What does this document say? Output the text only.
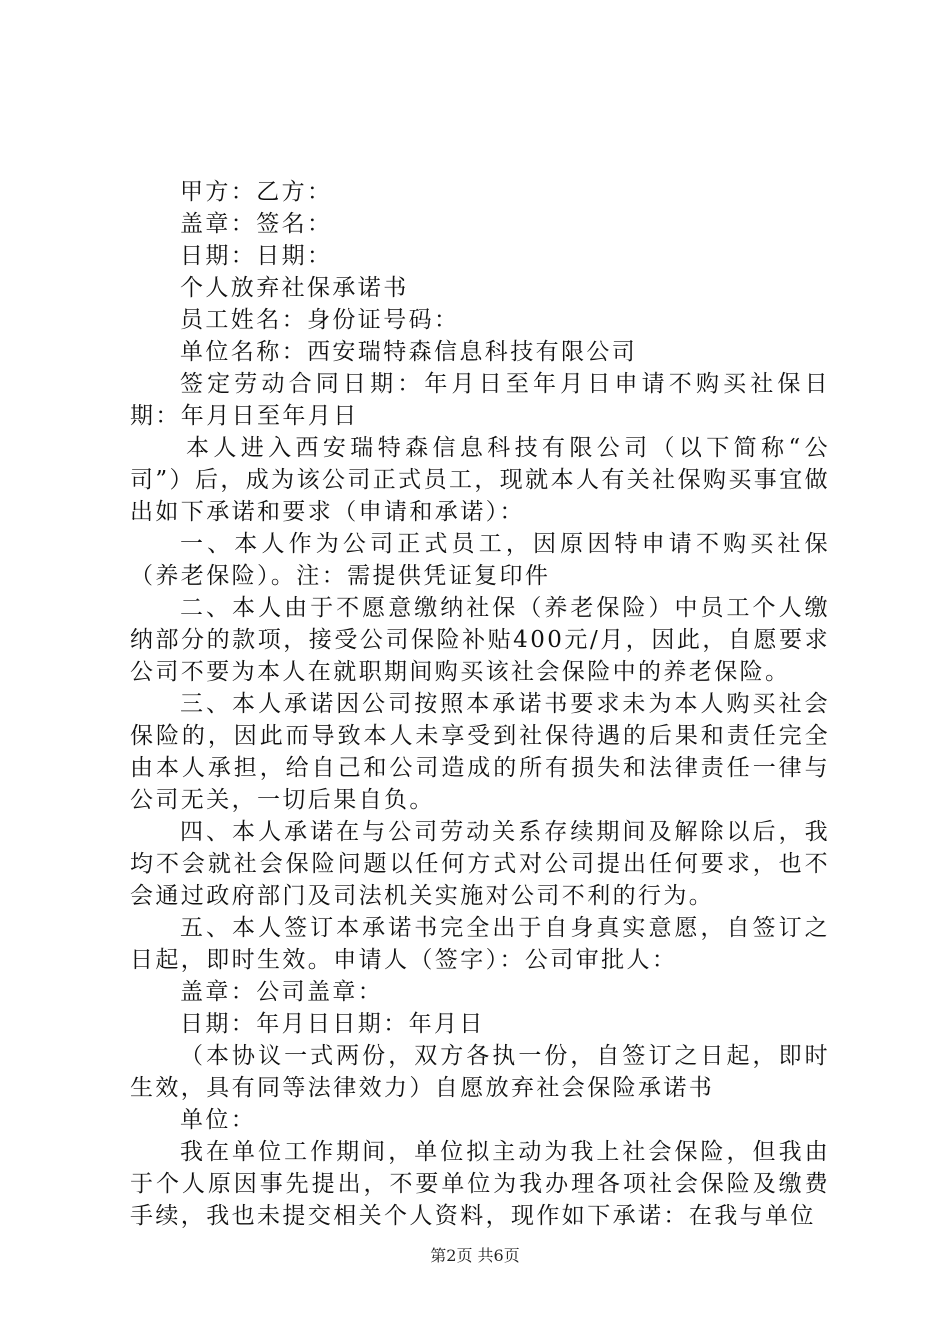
甲方：乙方：

盖章：签名：

日期：日期：

个人放弃社保承诺书

员工姓名：身份证号码：

单位名称：西安瑞特森信息科技有限公司

签定劳动合同日期：年月日至年月日申请不购买社保日期：年月日至年月日

本人进入西安瑞特森信息科技有限公司（以下简称“公司”）后，成为该公司正式员工，现就本人有关社保购买事宜做出如下承诺和要求（申请和承诺）：

一、本人作为公司正式员工，因原因特申请不购买社保（养老保险）。注：需提供凭证复印件

二、本人由于不愿意缴纳社保（养老保险）中员工个人缴纳部分的款项，接受公司保险补贴400元/月，因此，自愿要求公司不要为本人在就职期间购买该社会保险中的养老保险。

三、本人承诺因公司按照本承诺书要求未为本人购买社会保险的，因此而导致本人未享受到社保待遇的后果和责任完全由本人承担，给自己和公司造成的所有损失和法律责任一律与公司无关，一切后果自负。

四、本人承诺在与公司劳动关系存续期间及解除以后，我均不会就社会保险问题以任何方式对公司提出任何要求，也不会通过政府部门及司法机关实施对公司不利的行为。

五、本人签订本承诺书完全出于自身真实意愿，自签订之日起，即时生效。申请人（签字）：公司审批人：

盖章：公司盖章：

日期：年月日日期：年月日

（本协议一式两份，双方各执一份，自签订之日起，即时生效，具有同等法律效力）自愿放弃社会保险承诺书

单位：

我在单位工作期间，单位拟主动为我上社会保险，但我由于个人原因事先提出，不要单位为我办理各项社会保险及缴费手续，我也未提交相关个人资料，现作如下承诺：在我与单位

第2页 共6页
